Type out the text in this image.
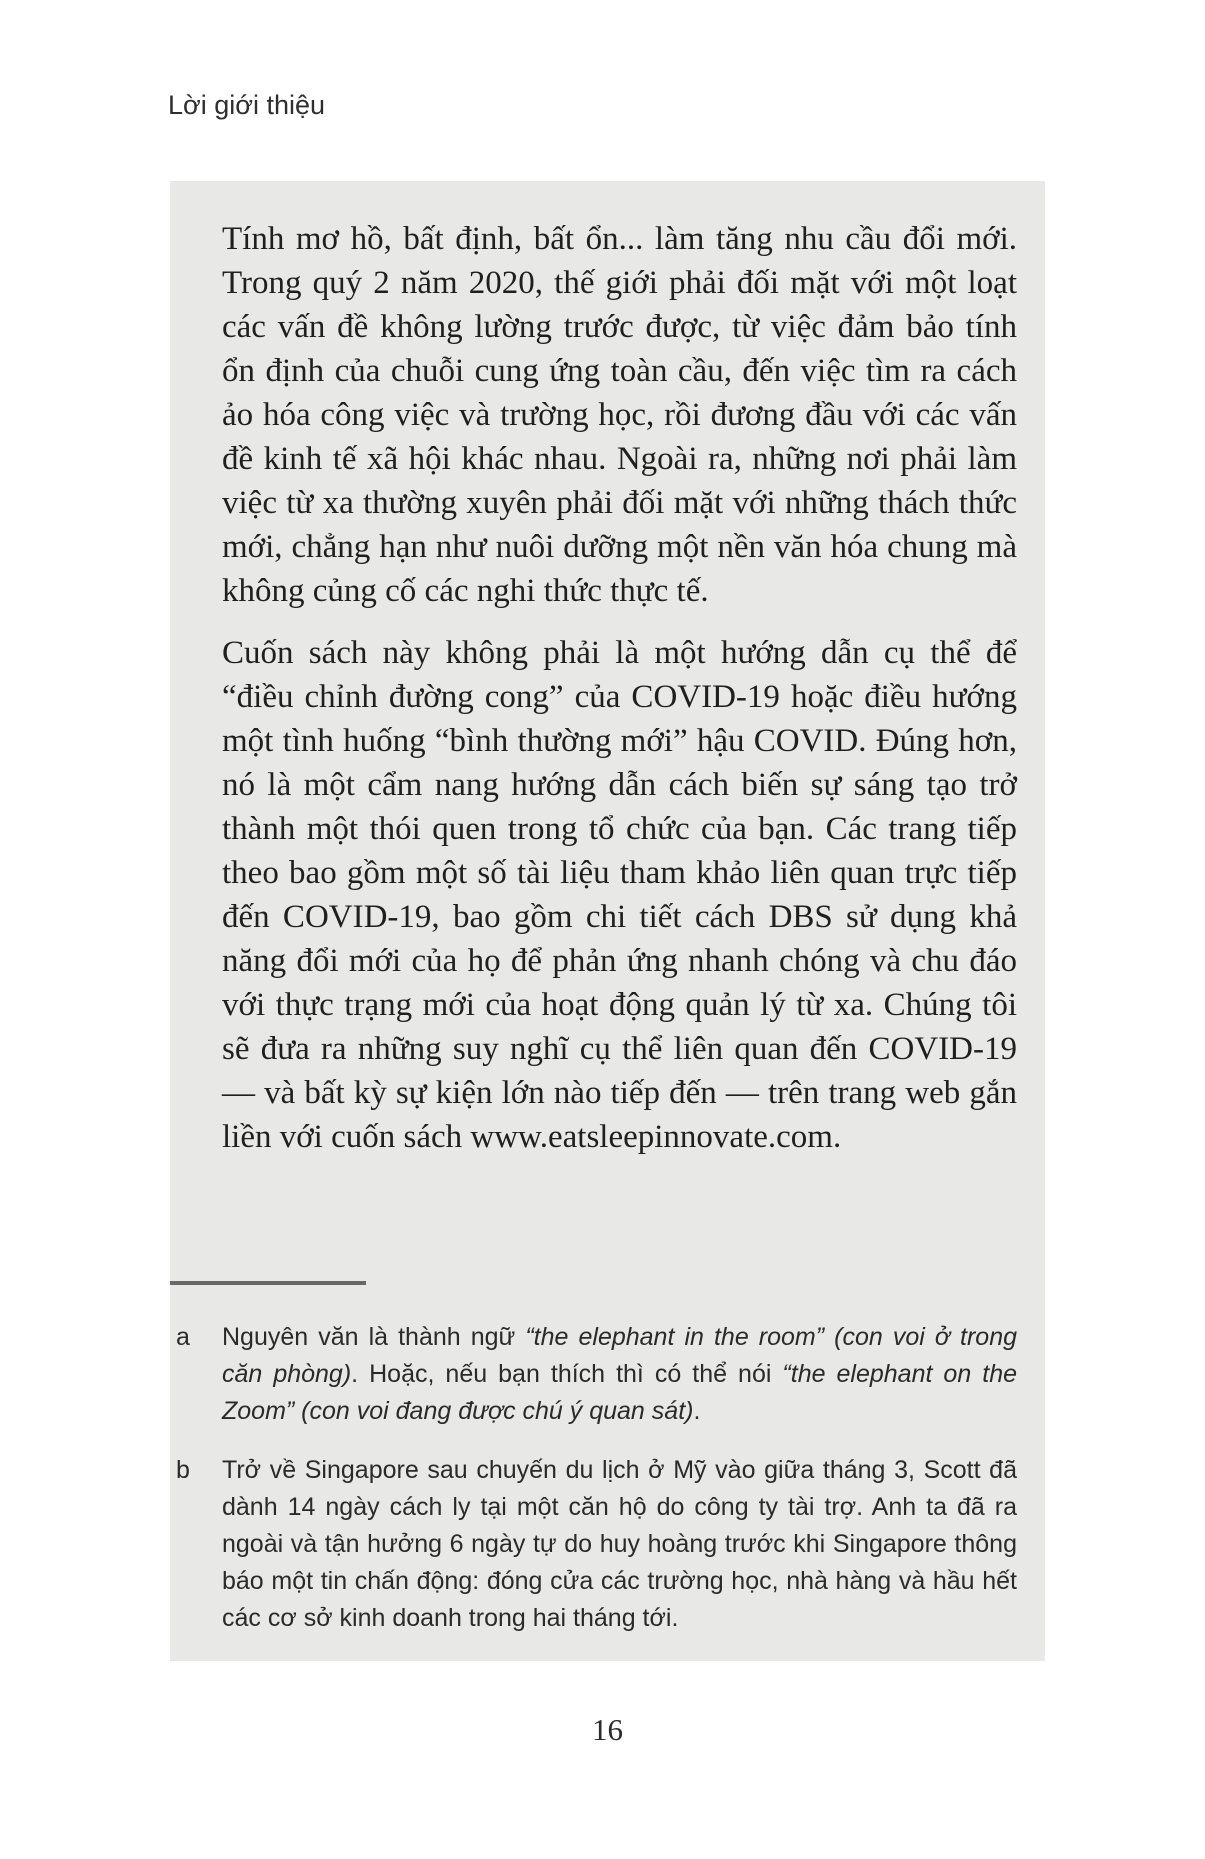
Lời giới thiệu

Tính mơ hồ, bất định, bất ổn... làm tăng nhu cầu đổi mới. Trong quý 2 năm 2020, thế giới phải đối mặt với một loạt các vấn đề không lường trước được, từ việc đảm bảo tính ổn định của chuỗi cung ứng toàn cầu, đến việc tìm ra cách ảo hóa công việc và trường học, rồi đương đầu với các vấn đề kinh tế xã hội khác nhau. Ngoài ra, những nơi phải làm việc từ xa thường xuyên phải đối mặt với những thách thức mới, chẳng hạn như nuôi dưỡng một nền văn hóa chung mà không củng cố các nghi thức thực tế.

Cuốn sách này không phải là một hướng dẫn cụ thể để “điều chỉnh đường cong” của COVID-19 hoặc điều hướng một tình huống “bình thường mới” hậu COVID. Đúng hơn, nó là một cẩm nang hướng dẫn cách biến sự sáng tạo trở thành một thói quen trong tổ chức của bạn. Các trang tiếp theo bao gồm một số tài liệu tham khảo liên quan trực tiếp đến COVID-19, bao gồm chi tiết cách DBS sử dụng khả năng đổi mới của họ để phản ứng nhanh chóng và chu đáo với thực trạng mới của hoạt động quản lý từ xa. Chúng tôi sẽ đưa ra những suy nghĩ cụ thể liên quan đến COVID-19 — và bất kỳ sự kiện lớn nào tiếp đến — trên trang web gắn liền với cuốn sách www.eatsleepinnovate.com.

a	Nguyên văn là thành ngữ “the elephant in the room” (con voi ở trong căn phòng). Hoặc, nếu bạn thích thì có thể nói “the elephant on the Zoom” (con voi đang được chú ý quan sát).
b	Trở về Singapore sau chuyến du lịch ở Mỹ vào giữa tháng 3, Scott đã dành 14 ngày cách ly tại một căn hộ do công ty tài trợ. Anh ta đã ra ngoài và tận hưởng 6 ngày tự do huy hoàng trước khi Singapore thông báo một tin chấn động: đóng cửa các trường học, nhà hàng và hầu hết các cơ sở kinh doanh trong hai tháng tới.
16
